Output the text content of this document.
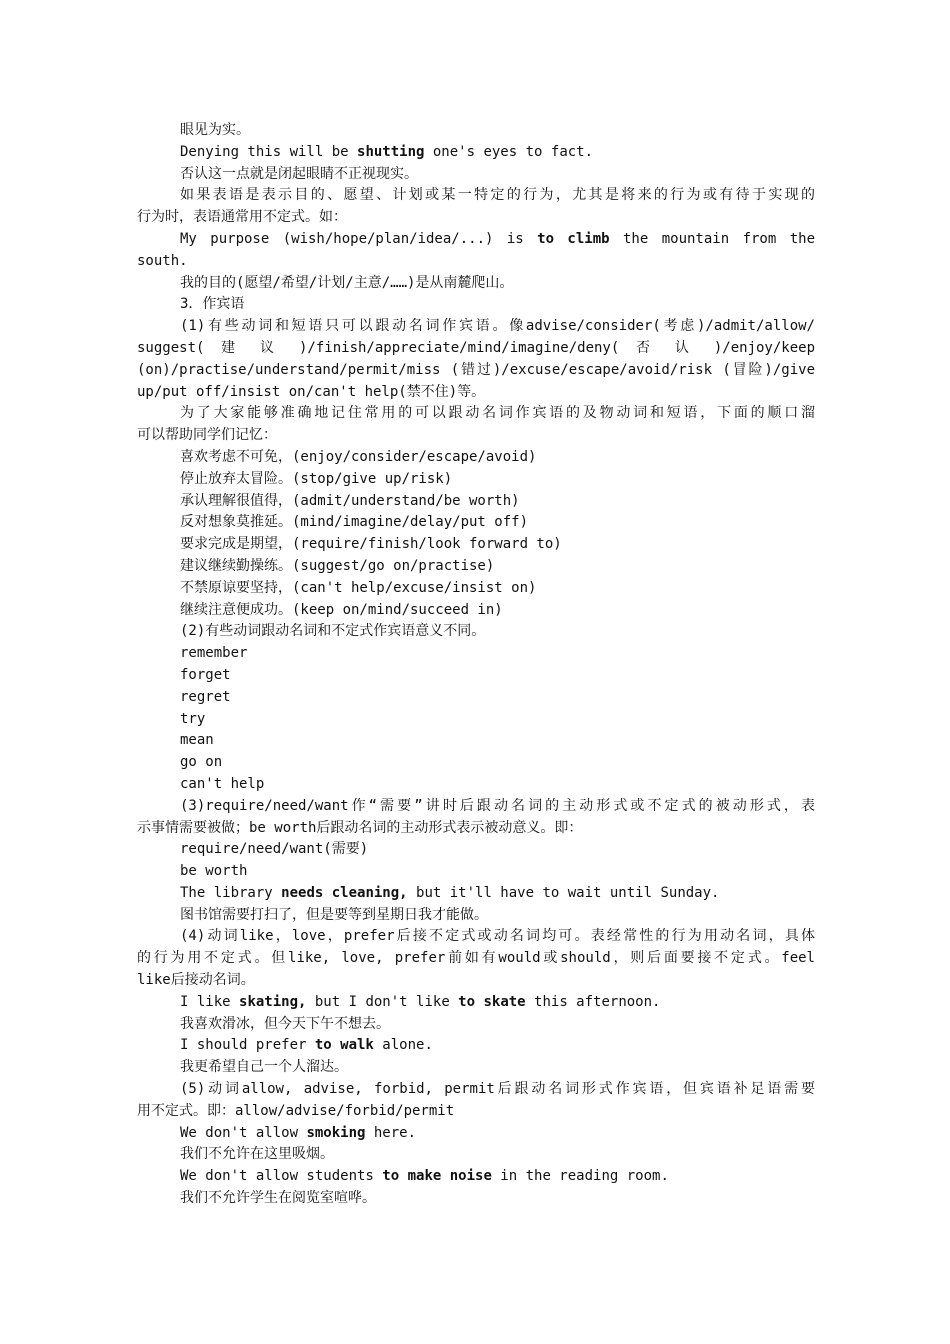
眼见为实。
Denying this will be shutting one's eyes to fact.
否认这一点就是闭起眼睛不正视现实。
如果表语是表示目的、愿望、计划或某一特定的行为，尤其是将来的行为或有待于实现的
行为时，表语通常用不定式。如：
My purpose (wish/hope/plan/idea/...) is to climb the mountain from the
south.
我的目的(愿望/希望/计划/主意/……)是从南麓爬山。
3．作宾语
(1)有些动词和短语只可以跟动名词作宾语。像advise/consider(考虑)/admit/allow/
suggest( 建 议 )/finish/appreciate/mind/imagine/deny( 否 认 )/enjoy/keep
(on)/practise/understand/permit/miss (错过)/excuse/escape/avoid/risk (冒险)/give
up/put off/insist on/can't help(禁不住)等。
为了大家能够准确地记住常用的可以跟动名词作宾语的及物动词和短语，下面的顺口溜
可以帮助同学们记忆：
喜欢考虑不可免，(enjoy/consider/escape/avoid)
停止放弃太冒险。(stop/give up/risk)
承认理解很值得，(admit/understand/be worth)
反对想象莫推延。(mind/imagine/delay/put off)
要求完成是期望，(require/finish/look forward to)
建议继续勤操练。(suggest/go on/practise)
不禁原谅要坚持，(can't help/excuse/insist on)
继续注意便成功。(keep on/mind/succeed in)
(2)有些动词跟动名词和不定式作宾语意义不同。
remember
forget
regret
try
mean
go on
can't help
(3)require/need/want作“需要”讲时后跟动名词的主动形式或不定式的被动形式，表
示事情需要被做；be worth后跟动名词的主动形式表示被动意义。即：
require/need/want(需要)
be worth
The library needs cleaning, but it'll have to wait until Sunday.
图书馆需要打扫了，但是要等到星期日我才能做。
(4)动词like，love，prefer后接不定式或动名词均可。表经常性的行为用动名词，具体
的行为用不定式。但like, love, prefer前如有would或should，则后面要接不定式。feel
like后接动名词。
I like skating, but I don't like to skate this afternoon.
我喜欢滑冰，但今天下午不想去。
I should prefer to walk alone.
我更希望自己一个人溜达。
(5)动词allow, advise, forbid, permit后跟动名词形式作宾语，但宾语补足语需要
用不定式。即：allow/advise/forbid/permit
We don't allow smoking here.
我们不允许在这里吸烟。
We don't allow students to make noise in the reading room.
我们不允许学生在阅览室喧哗。
